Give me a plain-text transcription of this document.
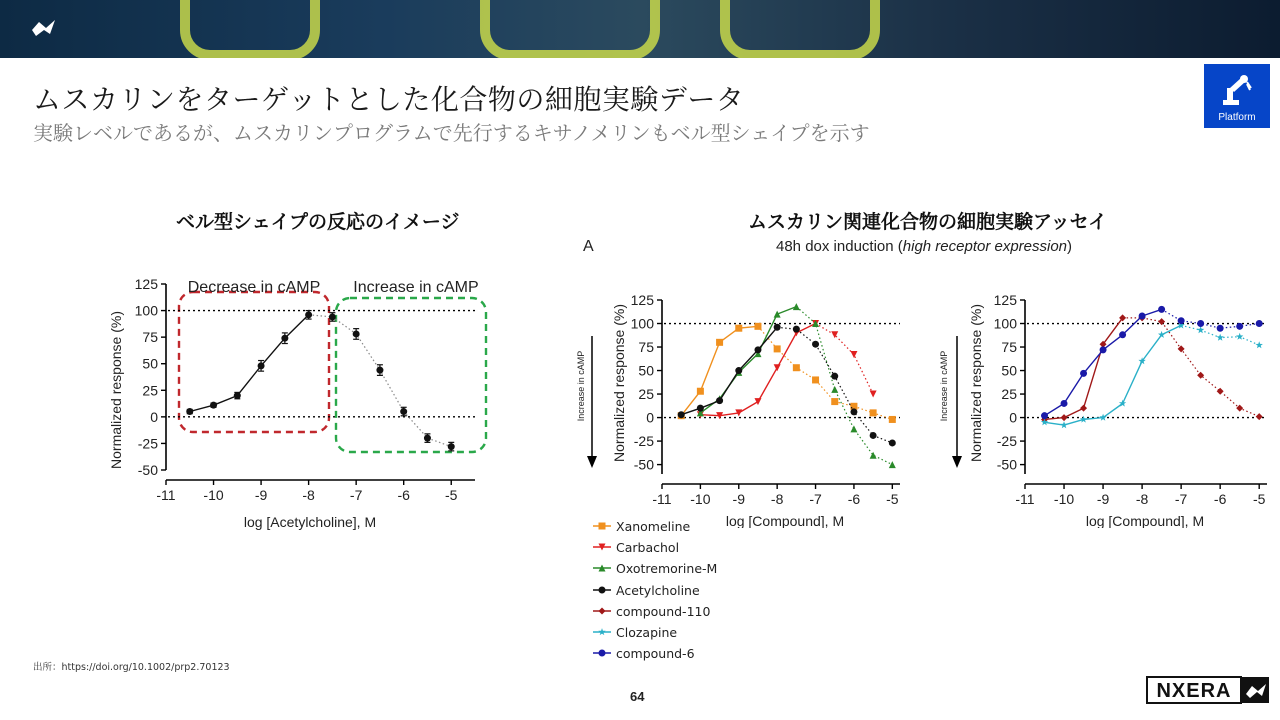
ムスカリンをターゲットとした化合物の細胞実験データ
実験レベルであるが、ムスカリンプログラムで先行するキサノメリンもベル型シェイプを示す
Platform
ベル型シェイプの反応のイメージ	ムスカリン関連化合物の細胞実験アッセイ
A	48h dox induction (high receptor expression)
Decrease in cAMP Increase in cAMP
-50
-25
0
25
50
75
100
125
-11 -10 -9	-8	-7	-6	-5
log [Acetylcholine], M
Normalized response (%)	-50
-25
0
25
50
75
100
125
-11 -10 -9 -8 -7 -6 -5
log [Compound], M
Normalized response (%)
Increase in cAMP
-50
-25
0
25
50
75
100
125
-11 -10 -9 -8 -7 -6 -5
log [Compound], M
Normalized response (%)
Increase in cAMP
Xanomeline
Carbachol
Oxotremorine-M
Acetylcholine
compound-110
Clozapine
compound-6
出所：https://doi.org/10.1002/prp2.70123
64	NXERA
